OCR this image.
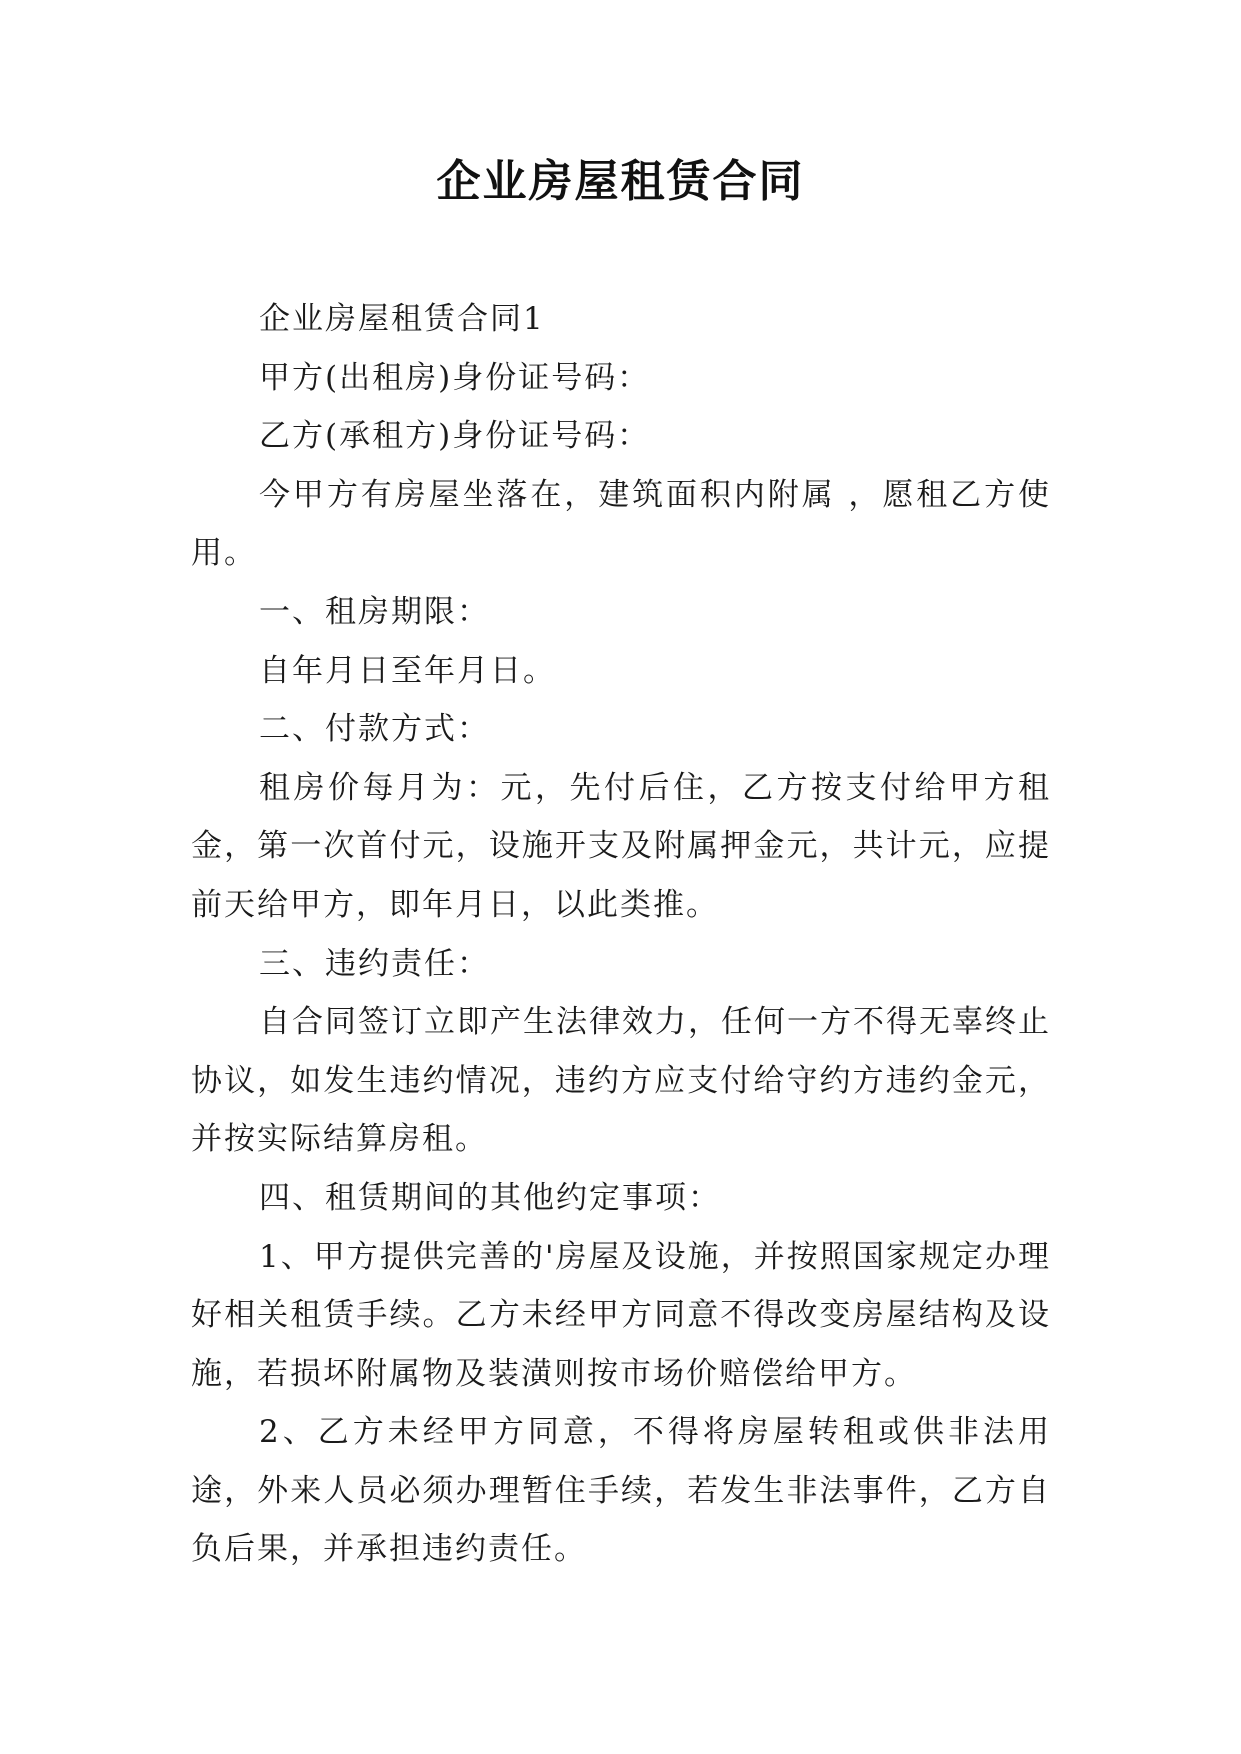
企业房屋租赁合同

企业房屋租赁合同1

甲方(出租房)身份证号码：

乙方(承租方)身份证号码：

今甲方有房屋坐落在，建筑面积内附属 ，愿租乙方使用。

一、租房期限：

自年月日至年月日。

二、付款方式：

租房价每月为：元，先付后住，乙方按支付给甲方租金，第一次首付元，设施开支及附属押金元，共计元，应提前天给甲方，即年月日，以此类推。

三、违约责任：

自合同签订立即产生法律效力，任何一方不得无辜终止协议，如发生违约情况，违约方应支付给守约方违约金元，并按实际结算房租。

四、租赁期间的其他约定事项：

1、甲方提供完善的'房屋及设施，并按照国家规定办理好相关租赁手续。乙方未经甲方同意不得改变房屋结构及设施，若损坏附属物及装潢则按市场价赔偿给甲方。

2、乙方未经甲方同意，不得将房屋转租或供非法用途，外来人员必须办理暂住手续，若发生非法事件，乙方自负后果，并承担违约责任。
